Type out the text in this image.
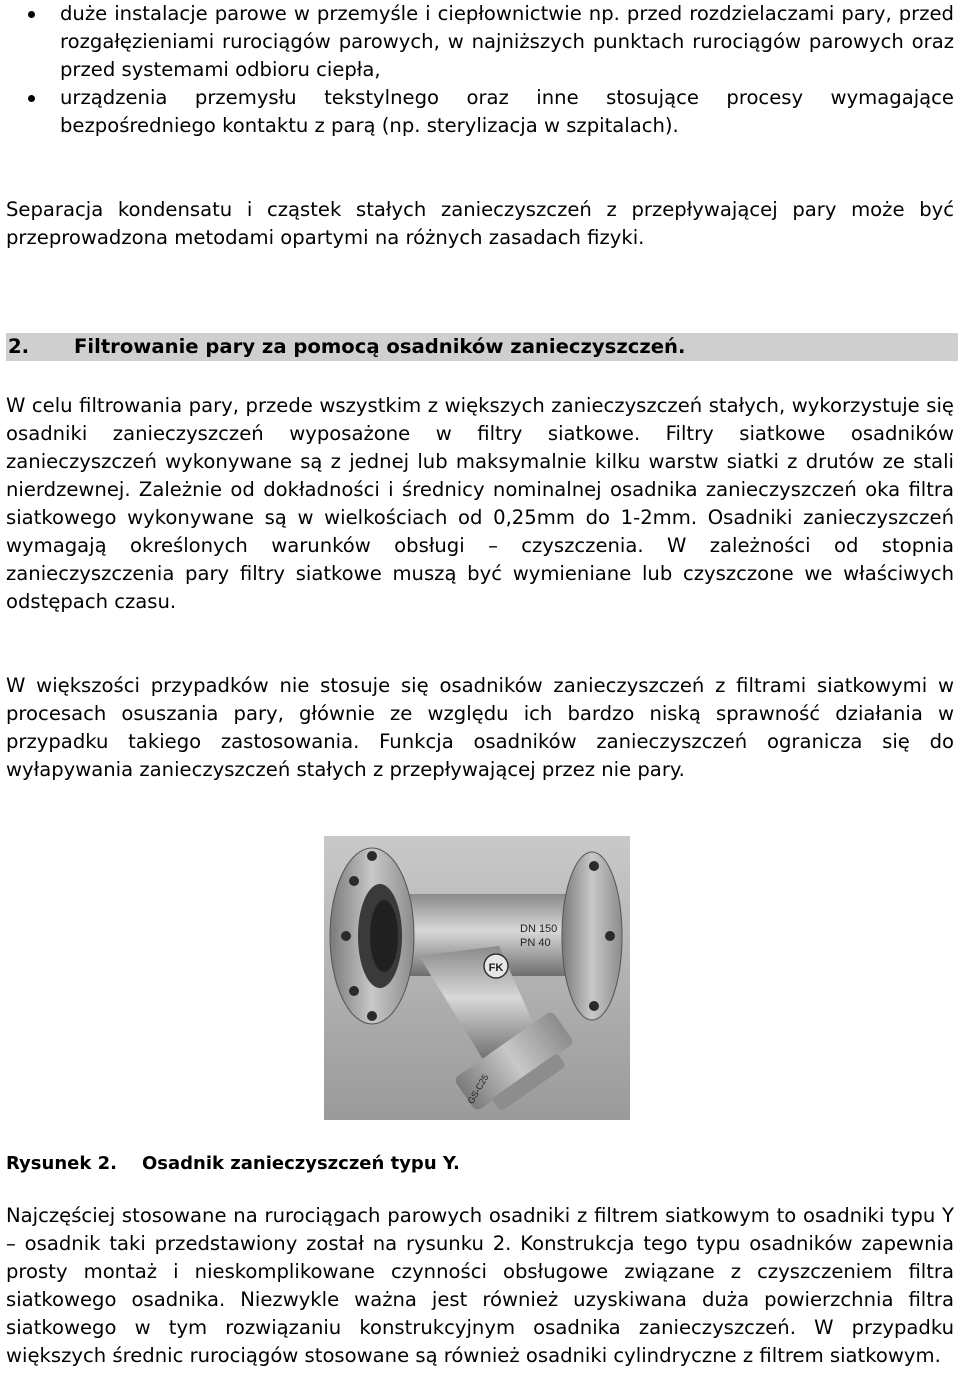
duże instalacje parowe w przemyśle i ciepłownictwie np. przed rozdzielaczami pary, przed rozgałęzieniami rurociągów parowych, w najniższych punktach rurociągów parowych oraz przed systemami odbioru ciepła,
urządzenia przemysłu tekstylnego oraz inne stosujące procesy wymagające bezpośredniego kontaktu z parą (np. sterylizacja w szpitalach).

Separacja kondensatu i cząstek stałych zanieczyszczeń z przepływającej pary może być przeprowadzona metodami opartymi na różnych zasadach fizyki.

2. Filtrowanie pary za pomocą osadników zanieczyszczeń.

W celu filtrowania pary, przede wszystkim z większych zanieczyszczeń stałych, wykorzystuje się osadniki zanieczyszczeń wyposażone w filtry siatkowe. Filtry siatkowe osadników zanieczyszczeń wykonywane są z jednej lub maksymalnie kilku warstw siatki z drutów ze stali nierdzewnej. Zależnie od dokładności i średnicy nominalnej osadnika zanieczyszczeń oka filtra siatkowego wykonywane są w wielkościach od 0,25mm do 1-2mm. Osadniki zanieczyszczeń wymagają określonych warunków obsługi – czyszczenia. W zależności od stopnia zanieczyszczenia pary filtry siatkowe muszą być wymieniane lub czyszczone we właściwych odstępach czasu.

W większości przypadków nie stosuje się osadników zanieczyszczeń z filtrami siatkowymi w procesach osuszania pary, głównie ze względu ich bardzo niską sprawność działania w przypadku takiego zastosowania. Funkcja osadników zanieczyszczeń ogranicza się do wyłapywania zanieczyszczeń stałych z przepływającej przez nie pary.

FK
DN 150
PN 40
GS-C25
Rysunek 2. Osadnik zanieczyszczeń typu Y.

Najczęściej stosowane na rurociągach parowych osadniki z filtrem siatkowym to osadniki typu Y – osadnik taki przedstawiony został na rysunku 2. Konstrukcja tego typu osadników zapewnia prosty montaż i nieskomplikowane czynności obsługowe związane z czyszczeniem filtra siatkowego osadnika. Niezwykle ważna jest również uzyskiwana duża powierzchnia filtra siatkowego w tym rozwiązaniu konstrukcyjnym osadnika zanieczyszczeń. W przypadku większych średnic rurociągów stosowane są również osadniki cylindryczne z filtrem siatkowym.
